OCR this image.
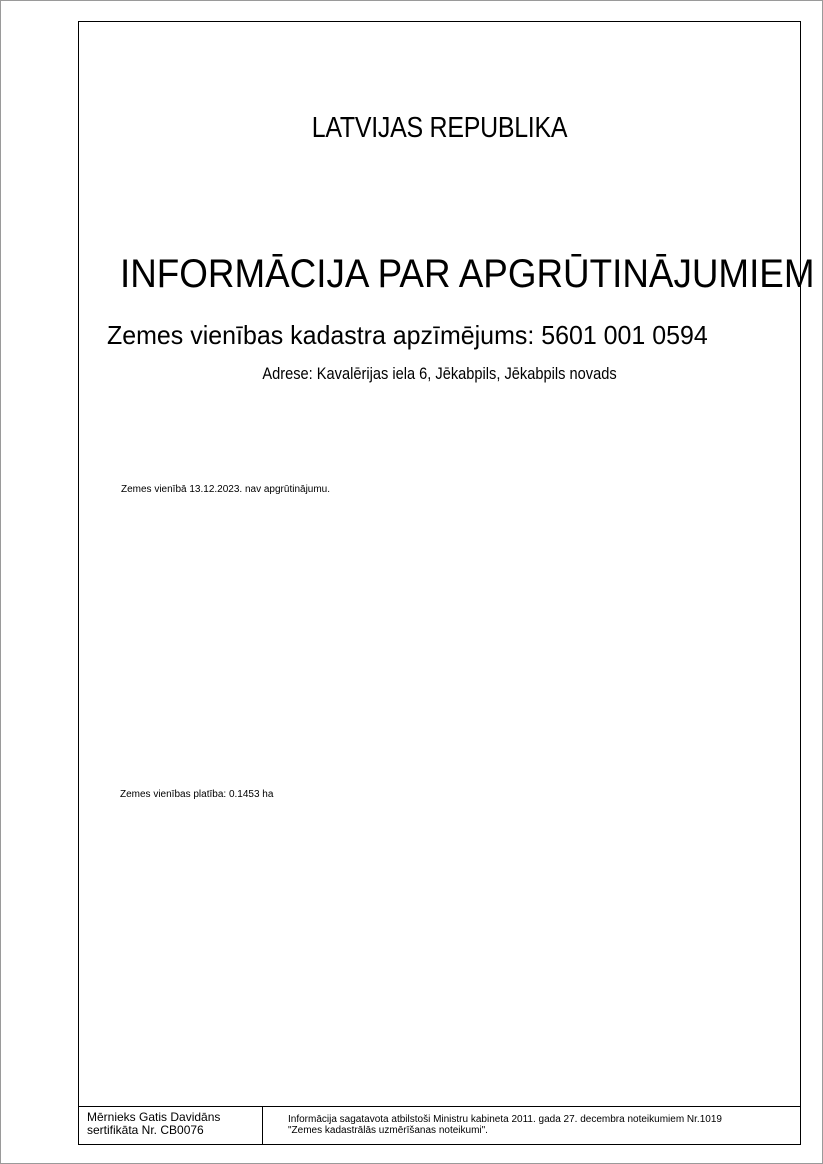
LATVIJAS REPUBLIKA
INFORMĀCIJA PAR APGRŪTINĀJUMIEM
Zemes vienības kadastra apzīmējums: 5601 001 0594
Adrese: Kavalērijas iela 6, Jēkabpils, Jēkabpils novads
Zemes vienībā 13.12.2023. nav apgrūtinājumu.
Zemes vienības platība: 0.1453 ha
Mērnieks Gatis Davidāns
sertifikāta Nr. CB0076
Informācija sagatavota atbilstoši Ministru kabineta 2011. gada 27. decembra noteikumiem Nr.1019
"Zemes kadastrālās uzmērīšanas noteikumi".
